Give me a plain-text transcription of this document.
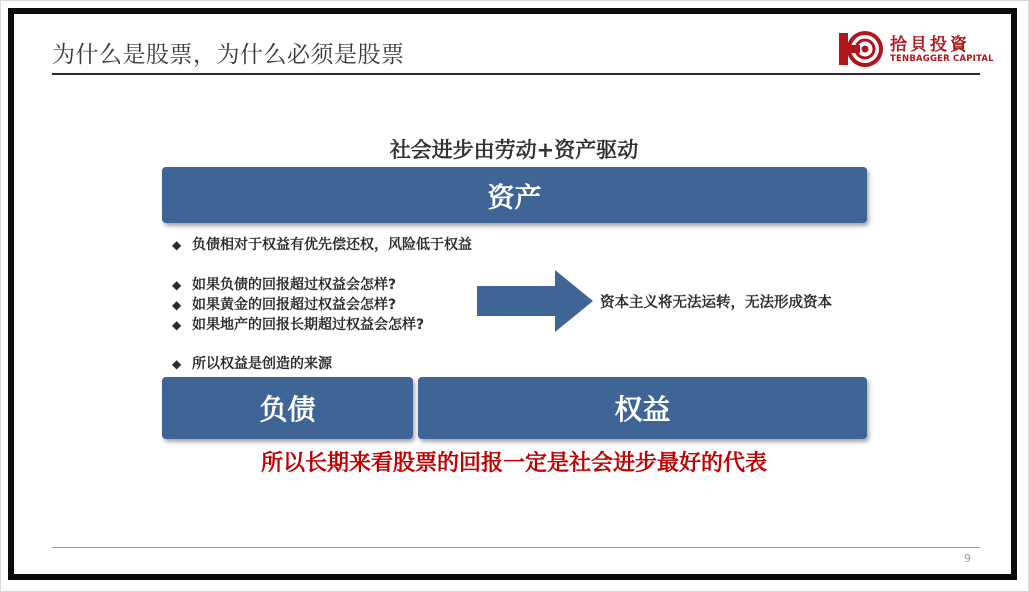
为什么是股票，为什么必须是股票	拾貝投資
TENBAGGER CAPITAL
社会进步由劳动+资产驱动
资产
◆ 负债相对于权益有优先偿还权，风险低于权益
◆ 如果负债的回报超过权益会怎样?
◆ 如果黄金的回报超过权益会怎样?
◆ 如果地产的回报长期超过权益会怎样?
资本主义将无法运转，无法形成资本
◆ 所以权益是创造的来源
负债	权益
所以长期来看股票的回报一定是社会进步最好的代表
9
